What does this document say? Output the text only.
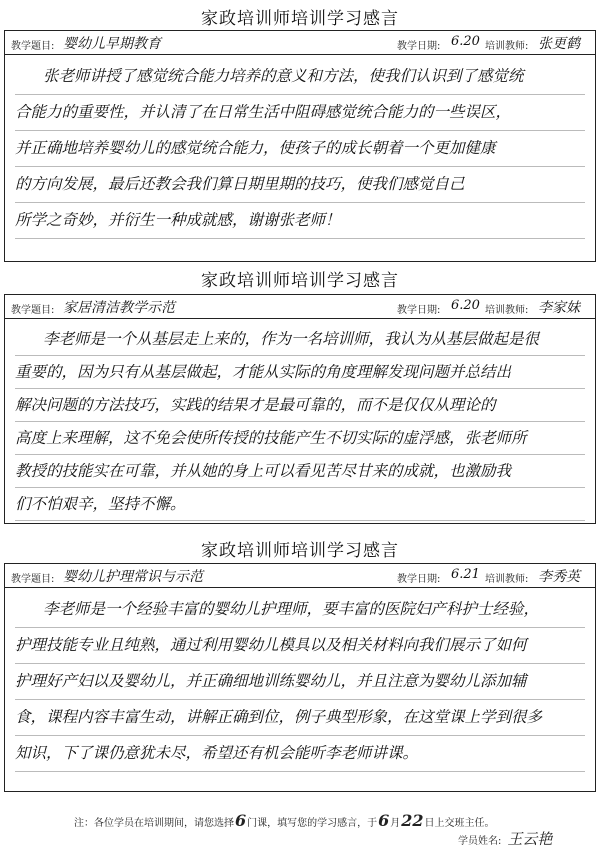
家政培训师培训学习感言
教学题目: 婴幼儿早期教育	教学日期: 6.20 培训教师: 张更鹤
张老师讲授了感觉统合能力培养的意义和方法，使我们认识到了感觉统
合能力的重要性，并认清了在日常生活中阻碍感觉统合能力的一些误区，
并正确地培养婴幼儿的感觉统合能力，使孩子的成长朝着一个更加健康
的方向发展，最后还教会我们算日期里期的技巧，使我们感觉自己
所学之奇妙，并衍生一种成就感，谢谢张老师！
家政培训师培训学习感言
教学题目: 家居清洁教学示范	教学日期: 6.20 培训教师: 李家妹
李老师是一个从基层走上来的，作为一名培训师，我认为从基层做起是很
重要的，因为只有从基层做起，才能从实际的角度理解发现问题并总结出
解决问题的方法技巧，实践的结果才是最可靠的，而不是仅仅从理论的
高度上来理解，这不免会使所传授的技能产生不切实际的虚浮感，张老师所
教授的技能实在可靠，并从她的身上可以看见苦尽甘来的成就，也激励我
们不怕艰辛，坚持不懈。
家政培训师培训学习感言
教学题目: 婴幼儿护理常识与示范	教学日期: 6.21 培训教师: 李秀英
李老师是一个经验丰富的婴幼儿护理师，要丰富的医院妇产科护士经验，
护理技能专业且纯熟，通过利用婴幼儿模具以及相关材料向我们展示了如何
护理好产妇以及婴幼儿，并正确细地训练婴幼儿，并且注意为婴幼儿添加辅
食，课程内容丰富生动，讲解正确到位，例子典型形象，在这堂课上学到很多
知识，下了课仍意犹未尽，希望还有机会能听李老师讲课。
注：各位学员在培训期间，请您选择6门课，填写您的学习感言，于6月22日上交班主任。
学员姓名: 王云艳
